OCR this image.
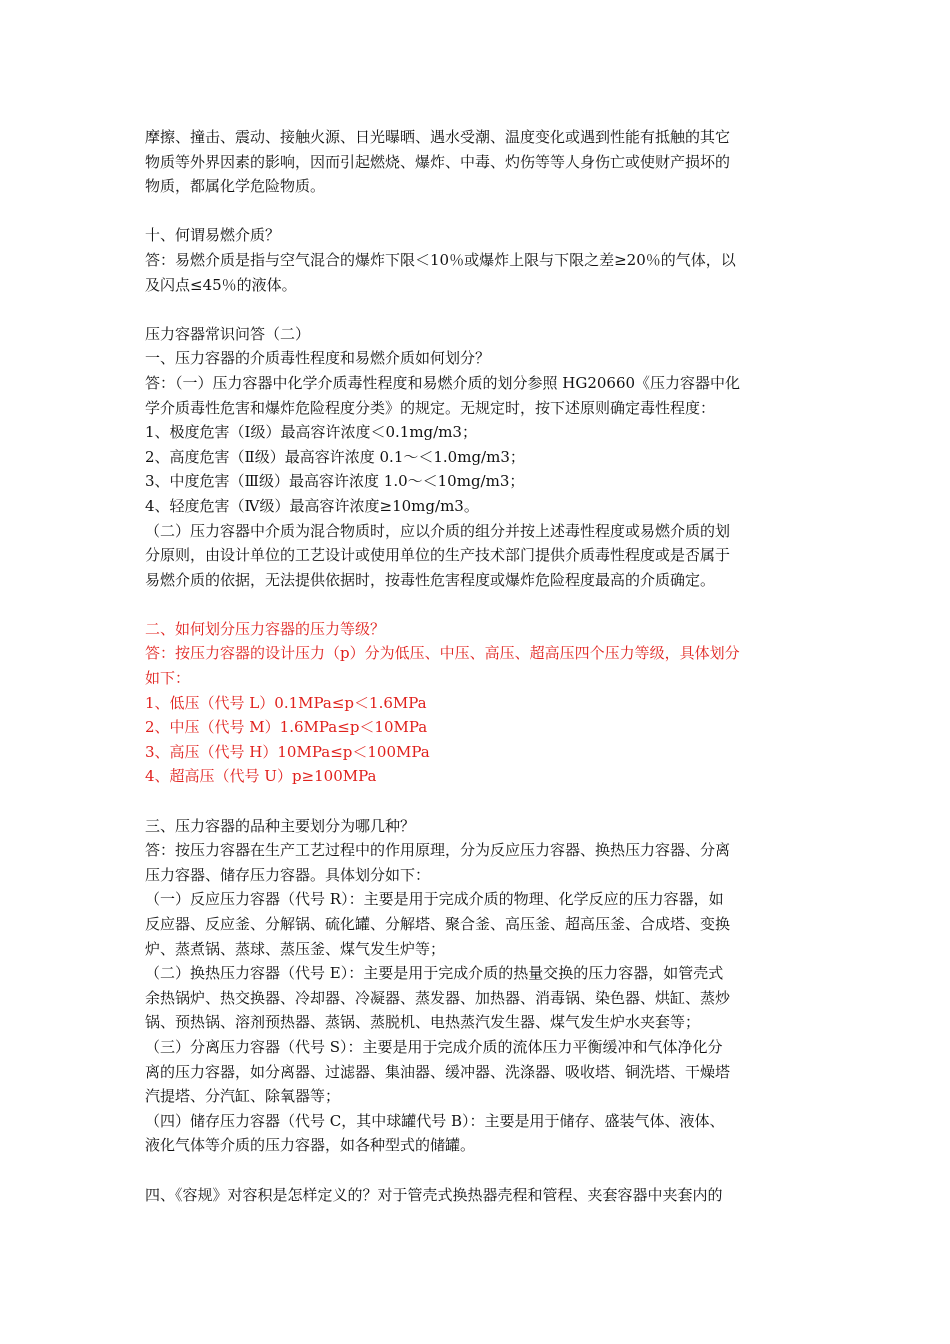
摩擦、撞击、震动、接触火源、日光曝晒、遇水受潮、温度变化或遇到性能有抵触的其它
物质等外界因素的影响，因而引起燃烧、爆炸、中毒、灼伤等等人身伤亡或使财产损坏的
物质，都属化学危险物质。
十、何谓易燃介质？
答：易燃介质是指与空气混合的爆炸下限＜10％或爆炸上限与下限之差≥20％的气体，以
及闪点≤45％的液体。
压力容器常识问答（二）
一、压力容器的介质毒性程度和易燃介质如何划分？
答：（一）压力容器中化学介质毒性程度和易燃介质的划分参照 HG20660《压力容器中化
学介质毒性危害和爆炸危险程度分类》的规定。无规定时，按下述原则确定毒性程度：
1、极度危害（Ⅰ级）最高容许浓度＜0.1mg/m3；
2、高度危害（Ⅱ级）最高容许浓度 0.1～＜1.0mg/m3；
3、中度危害（Ⅲ级）最高容许浓度 1.0～＜10mg/m3；
4、轻度危害（Ⅳ级）最高容许浓度≥10mg/m3。
（二）压力容器中介质为混合物质时，应以介质的组分并按上述毒性程度或易燃介质的划
分原则，由设计单位的工艺设计或使用单位的生产技术部门提供介质毒性程度或是否属于
易燃介质的依据，无法提供依据时，按毒性危害程度或爆炸危险程度最高的介质确定。
二、如何划分压力容器的压力等级？
答：按压力容器的设计压力（p）分为低压、中压、高压、超高压四个压力等级，具体划分
如下：
1、低压（代号 L）0.1MPa≤p＜1.6MPa
2、中压（代号 M）1.6MPa≤p＜10MPa
3、高压（代号 H）10MPa≤p＜100MPa
4、超高压（代号 U）p≥100MPa
三、压力容器的品种主要划分为哪几种？
答：按压力容器在生产工艺过程中的作用原理，分为反应压力容器、换热压力容器、分离
压力容器、储存压力容器。具体划分如下：
（一）反应压力容器（代号 R）：主要是用于完成介质的物理、化学反应的压力容器，如
反应器、反应釜、分解锅、硫化罐、分解塔、聚合釜、高压釜、超高压釜、合成塔、变换
炉、蒸煮锅、蒸球、蒸压釜、煤气发生炉等；
（二）换热压力容器（代号 E）：主要是用于完成介质的热量交换的压力容器，如管壳式
余热锅炉、热交换器、冷却器、冷凝器、蒸发器、加热器、消毒锅、染色器、烘缸、蒸炒
锅、预热锅、溶剂预热器、蒸锅、蒸脱机、电热蒸汽发生器、煤气发生炉水夹套等；
（三）分离压力容器（代号 S）：主要是用于完成介质的流体压力平衡缓冲和气体净化分
离的压力容器，如分离器、过滤器、集油器、缓冲器、洗涤器、吸收塔、铜洗塔、干燥塔
汽提塔、分汽缸、除氧器等；
（四）储存压力容器（代号 C，其中球罐代号 B）：主要是用于储存、盛装气体、液体、
液化气体等介质的压力容器，如各种型式的储罐。
四、《容规》对容积是怎样定义的？对于管壳式换热器壳程和管程、夹套容器中夹套内的
